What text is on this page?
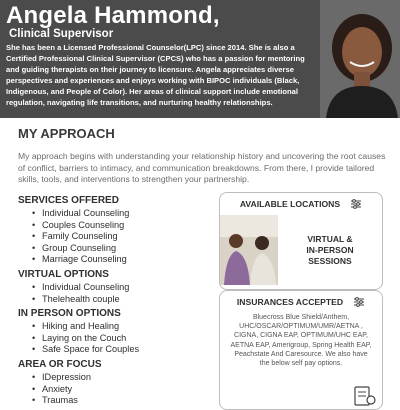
Angela Hammond,
Clinical Supervisor
She has been a Licensed Professional Counselor(LPC) since 2014. She is also a Certified Professional Clinical Supervisor (CPCS) who has a passion for mentoring and guiding therapists on their journey to licensure. Angela appreciates diverse perspectives and experiences and enjoys working with BIPOC individuals (Black, Indigenous, and People of Color). Her areas of clinical support include emotional regulation, navigating life transitions, and nurturing healthy relationships.
MY APPROACH
My approach begins with understanding your relationship history and uncovering the root causes of conflict, barriers to intimacy, and communication breakdowns. From there, I provide tailored skills, tools, and interventions to strengthen your partnership.
SERVICES OFFERED
• Individual Counseling
• Couples Counseling
• Family Counseling
• Group Counseling
• Marriage Counseling
VIRTUAL OPTIONS
• Individual Counseling
• Thelehealth couple
IN PERSON OPTIONS
• Hiking and Healing
• Laying on the Couch
• Safe Space for Couples
AREA OR FOCUS
• IDepression
• Anxiety
• Traumas
AVAILABLE LOCATIONS
VIRTUAL &
IN-PERSON
SESSIONS
INSURANCES ACCEPTED
Bluecross Blue Shield/Anthem, UHC/OSCAR/OPTIMUM/UMR/AETNA , CIGNA, CIGNA EAP, OPTIMUM/UHC EAP, AETNA EAP, Amerigroup, Spring Health EAP, Peachstate And Caresource. We also have the below self pay options.
